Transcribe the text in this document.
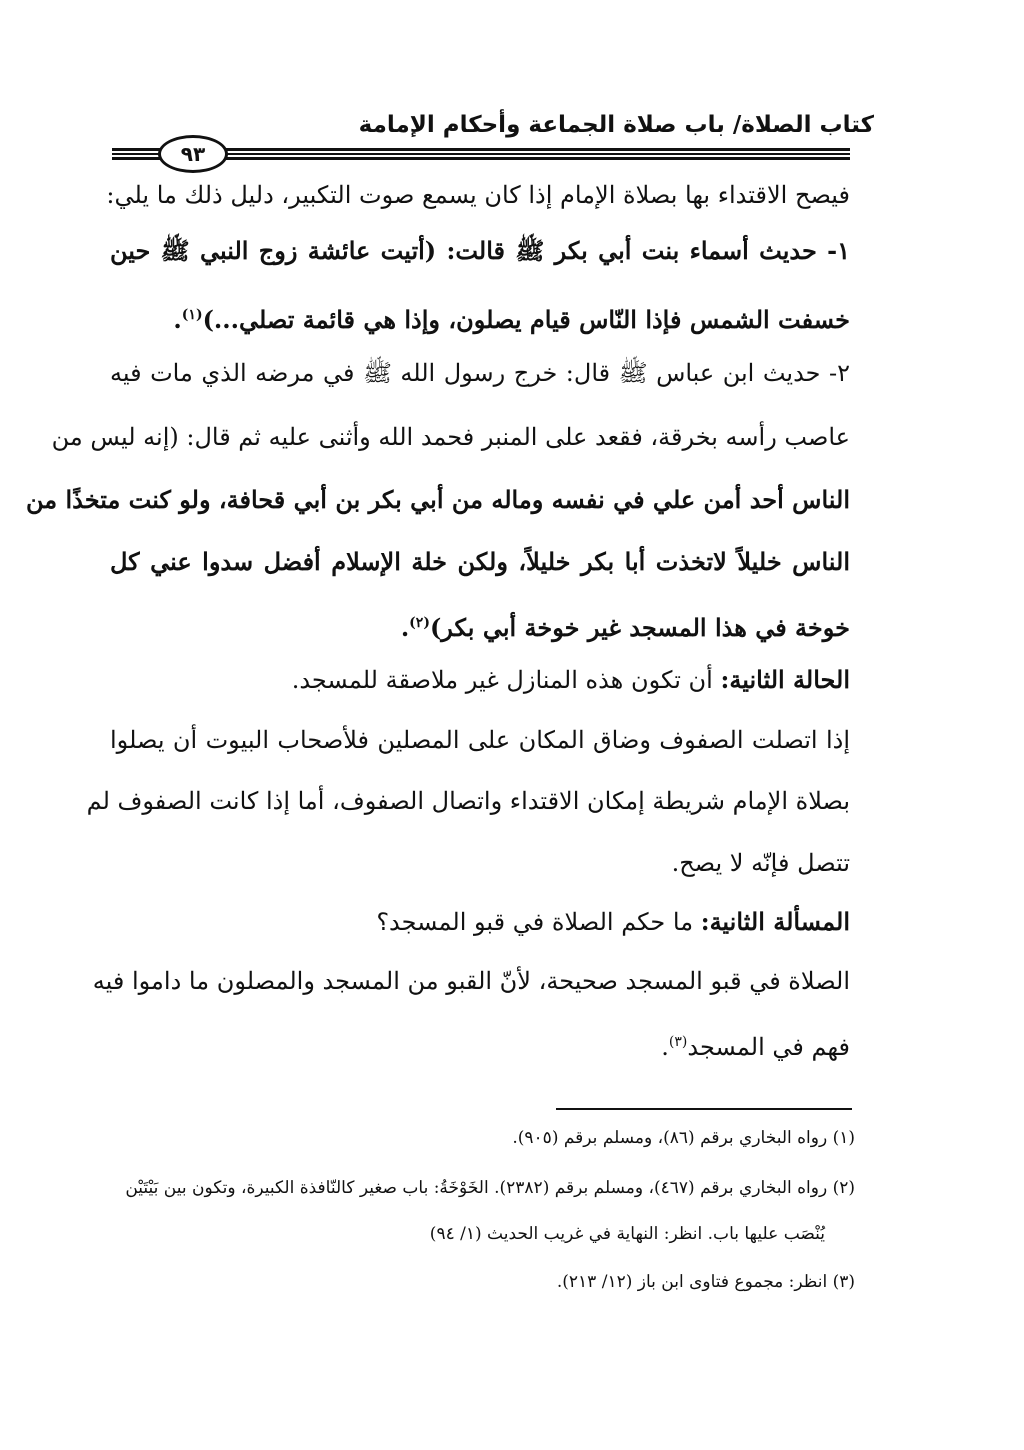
كتاب الصلاة/ باب صلاة الجماعة وأحكام الإمامة
٩٣
فيصح الاقتداء بها بصلاة الإمام إذا كان يسمع صوت التكبير، دليل ذلك ما يلي:
١- حديث أسماء بنت أبي بكر ﷺ قالت: (أتيت عائشة زوج النبي ﷺ حين
خسفت الشمس فإذا النّاس قيام يصلون، وإذا هي قائمة تصلي...)$^{(١)}$.
٢- حديث ابن عباس ﷺ قال: خرج رسول الله ﷺ في مرضه الذي مات فيه
عاصب رأسه بخرقة، فقعد على المنبر فحمد الله وأثنى عليه ثم قال: (إنه ليس من
الناس أحد أمن علي في نفسه وماله من أبي بكر بن أبي قحافة، ولو كنت متخذًا من
الناس خليلاً لاتخذت أبا بكر خليلاً، ولكن خلة الإسلام أفضل سدوا عني كل
خوخة في هذا المسجد غير خوخة أبي بكر)$^{(٢)}$.
الحالة الثانية: أن تكون هذه المنازل غير ملاصقة للمسجد.
إذا اتصلت الصفوف وضاق المكان على المصلين فلأصحاب البيوت أن يصلوا
بصلاة الإمام شريطة إمكان الاقتداء واتصال الصفوف، أما إذا كانت الصفوف لم
تتصل فإنّه لا يصح.
المسألة الثانية: ما حكم الصلاة في قبو المسجد؟
الصلاة في قبو المسجد صحيحة، لأنّ القبو من المسجد والمصلون ما داموا فيه
فهم في المسجد$^{(٣)}$.
(١) رواه البخاري برقم (٨٦)، ومسلم برقم (٩٠٥).
(٢) رواه البخاري برقم (٤٦٧)، ومسلم برقم (٢٣٨٢). الخَوْخَةُ: باب صغير كالنّافذة الكبيرة، وتكون بين بَيْتَيْن
يُنْصَب عليها باب. انظر: النهاية في غريب الحديث (١/ ٩٤)
(٣) انظر: مجموع فتاوى ابن باز (١٢/ ٢١٣).
